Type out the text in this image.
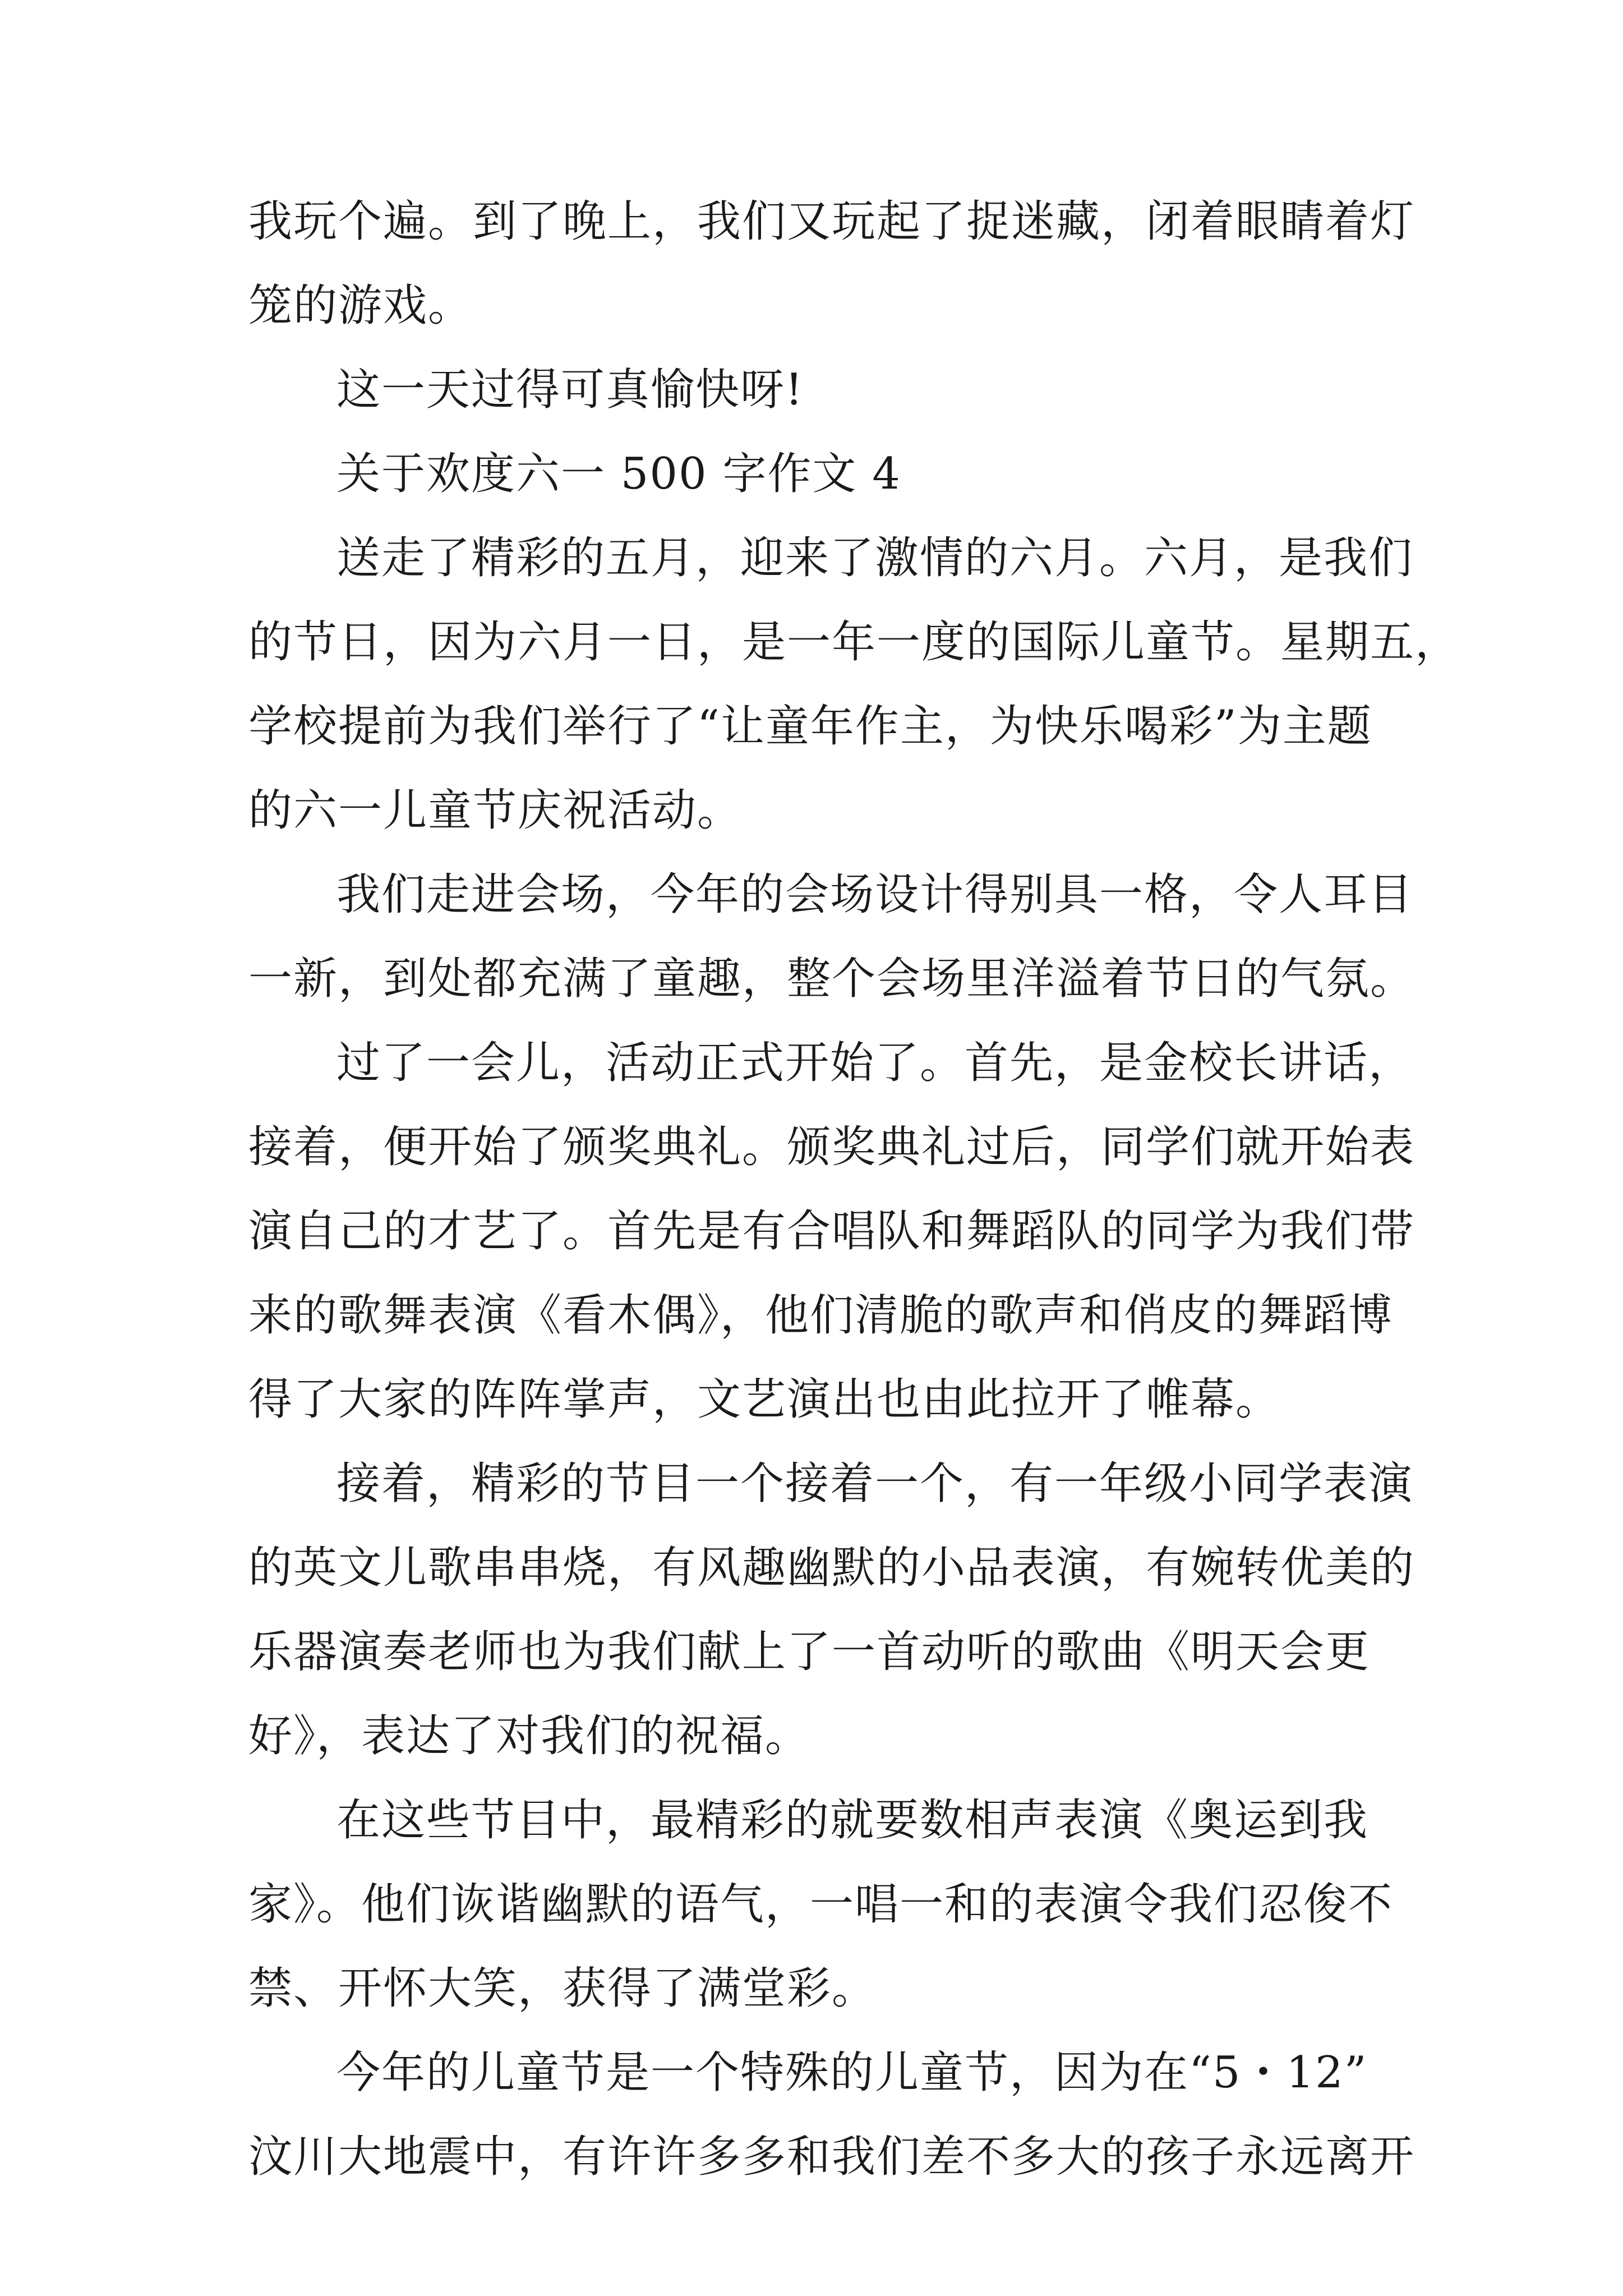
我玩个遍。到了晚上，我们又玩起了捉迷藏，闭着眼睛着灯
笼的游戏。
这一天过得可真愉快呀!
关于欢度六一 500 字作文 4
送走了精彩的五月，迎来了激情的六月。六月，是我们
的节日，因为六月一日，是一年一度的国际儿童节。星期五，
学校提前为我们举行了“让童年作主，为快乐喝彩”为主题
的六一儿童节庆祝活动。
我们走进会场，今年的会场设计得别具一格，令人耳目
一新，到处都充满了童趣，整个会场里洋溢着节日的气氛。
过了一会儿，活动正式开始了。首先，是金校长讲话，
接着，便开始了颁奖典礼。颁奖典礼过后，同学们就开始表
演自己的才艺了。首先是有合唱队和舞蹈队的同学为我们带
来的歌舞表演《看木偶》，他们清脆的歌声和俏皮的舞蹈博
得了大家的阵阵掌声，文艺演出也由此拉开了帷幕。
接着，精彩的节目一个接着一个，有一年级小同学表演
的英文儿歌串串烧，有风趣幽默的小品表演，有婉转优美的
乐器演奏老师也为我们献上了一首动听的歌曲《明天会更
好》，表达了对我们的祝福。
在这些节目中，最精彩的就要数相声表演《奥运到我
家》。他们诙谐幽默的语气，一唱一和的表演令我们忍俊不
禁、开怀大笑，获得了满堂彩。
今年的儿童节是一个特殊的儿童节，因为在“5・12”
汶川大地震中，有许许多多和我们差不多大的孩子永远离开
